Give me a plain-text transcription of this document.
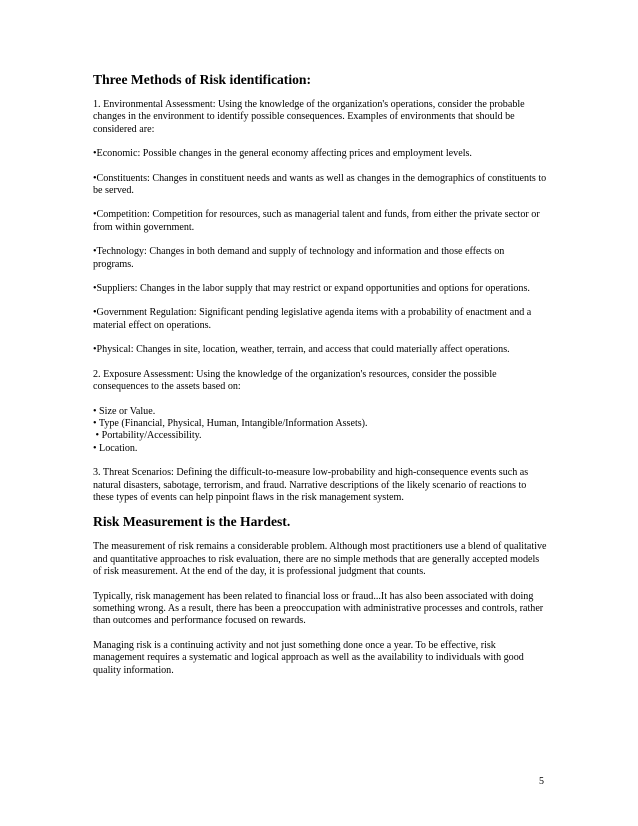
Three Methods of Risk identification:

1. Environmental Assessment: Using the knowledge of the organization's operations, consider the probable changes in the environment to identify possible consequences. Examples of environments that should be considered are:

•Economic: Possible changes in the general economy affecting prices and employment levels.

•Constituents: Changes in constituent needs and wants as well as changes in the demographics of constituents to be served.

•Competition: Competition for resources, such as managerial talent and funds, from either the private sector or from within government.

•Technology: Changes in both demand and supply of technology and information and those effects on programs.

•Suppliers: Changes in the labor supply that may restrict or expand opportunities and options for operations.

•Government Regulation: Significant pending legislative agenda items with a probability of enactment and a material effect on operations.

•Physical: Changes in site, location, weather, terrain, and access that could materially affect operations.

2. Exposure Assessment: Using the knowledge of the organization's resources, consider the possible consequences to the assets based on:

• Size or Value.

• Type (Financial, Physical, Human, Intangible/Information Assets).

• Portability/Accessibility.

• Location.

3. Threat Scenarios: Defining the difficult-to-measure low-probability and high-consequence events such as natural disasters, sabotage, terrorism, and fraud. Narrative descriptions of the likely scenario of reactions to these types of events can help pinpoint flaws in the risk management system.

Risk Measurement is the Hardest.

The measurement of risk remains a considerable problem. Although most practitioners use a blend of qualitative and quantitative approaches to risk evaluation, there are no simple methods that are generally accepted models of risk measurement. At the end of the day, it is professional judgment that counts.

Typically, risk management has been related to financial loss or fraud...It has also been associated with doing something wrong. As a result, there has been a preoccupation with administrative processes and controls, rather than outcomes and performance focused on rewards.

Managing risk is a continuing activity and not just something done once a year. To be effective, risk management requires a systematic and logical approach as well as the availability to individuals with good quality information.

5
